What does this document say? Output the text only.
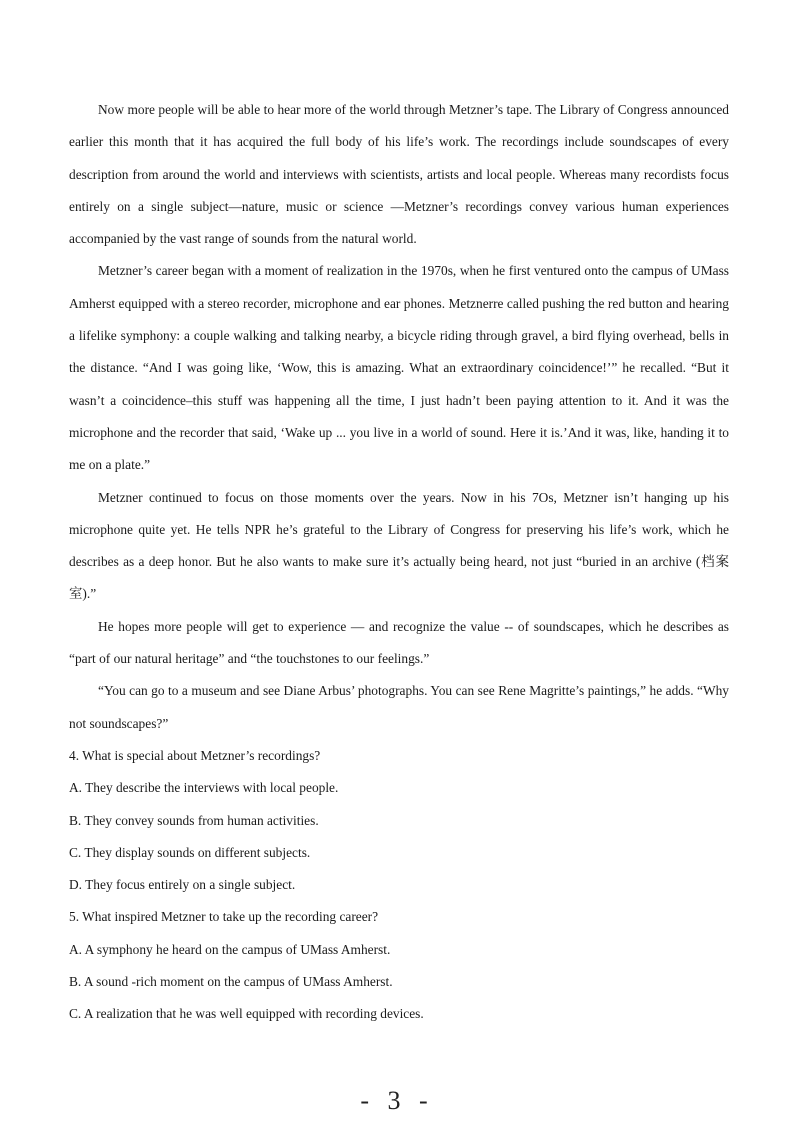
Now more people will be able to hear more of the world through Metzner’s tape. The Library of Congress announced earlier this month that it has acquired the full body of his life’s work. The recordings include soundscapes of every description from around the world and interviews with scientists, artists and local people. Whereas many recordists focus entirely on a single subject—nature, music or science —Metzner’s recordings convey various human experiences accompanied by the vast range of sounds from the natural world.

Metzner’s career began with a moment of realization in the 1970s, when he first ventured onto the campus of UMass Amherst equipped with a stereo recorder, microphone and ear phones. Metznerre called pushing the red button and hearing a lifelike symphony: a couple walking and talking nearby, a bicycle riding through gravel, a bird flying overhead, bells in the distance. “And I was going like, ‘Wow, this is amazing. What an extraordinary coincidence!’” he recalled. “But it wasn’t a coincidence–this stuff was happening all the time, I just hadn’t been paying attention to it. And it was the microphone and the recorder that said, ‘Wake up ... you live in a world of sound. Here it is.’And it was, like, handing it to me on a plate.”

Metzner continued to focus on those moments over the years. Now in his 7Os, Metzner isn’t hanging up his microphone quite yet. He tells NPR he’s grateful to the Library of Congress for preserving his life’s work, which he describes as a deep honor. But he also wants to make sure it’s actually being heard, not just “buried in an archive (档案室).”

He hopes more people will get to experience — and recognize the value -- of soundscapes, which he describes as “part of our natural heritage” and “the touchstones to our feelings.”

“You can go to a museum and see Diane Arbus’ photographs. You can see Rene Magritte’s paintings,” he adds. “Why not soundscapes?”

4. What is special about Metzner’s recordings?

A. They describe the interviews with local people.

B. They convey sounds from human activities.

C. They display sounds on different subjects.

D. They focus entirely on a single subject.

5. What inspired Metzner to take up the recording career?

A. A symphony he heard on the campus of UMass Amherst.

B. A sound -rich moment on the campus of UMass Amherst.

C. A realization that he was well equipped with recording devices.

- 3 -
